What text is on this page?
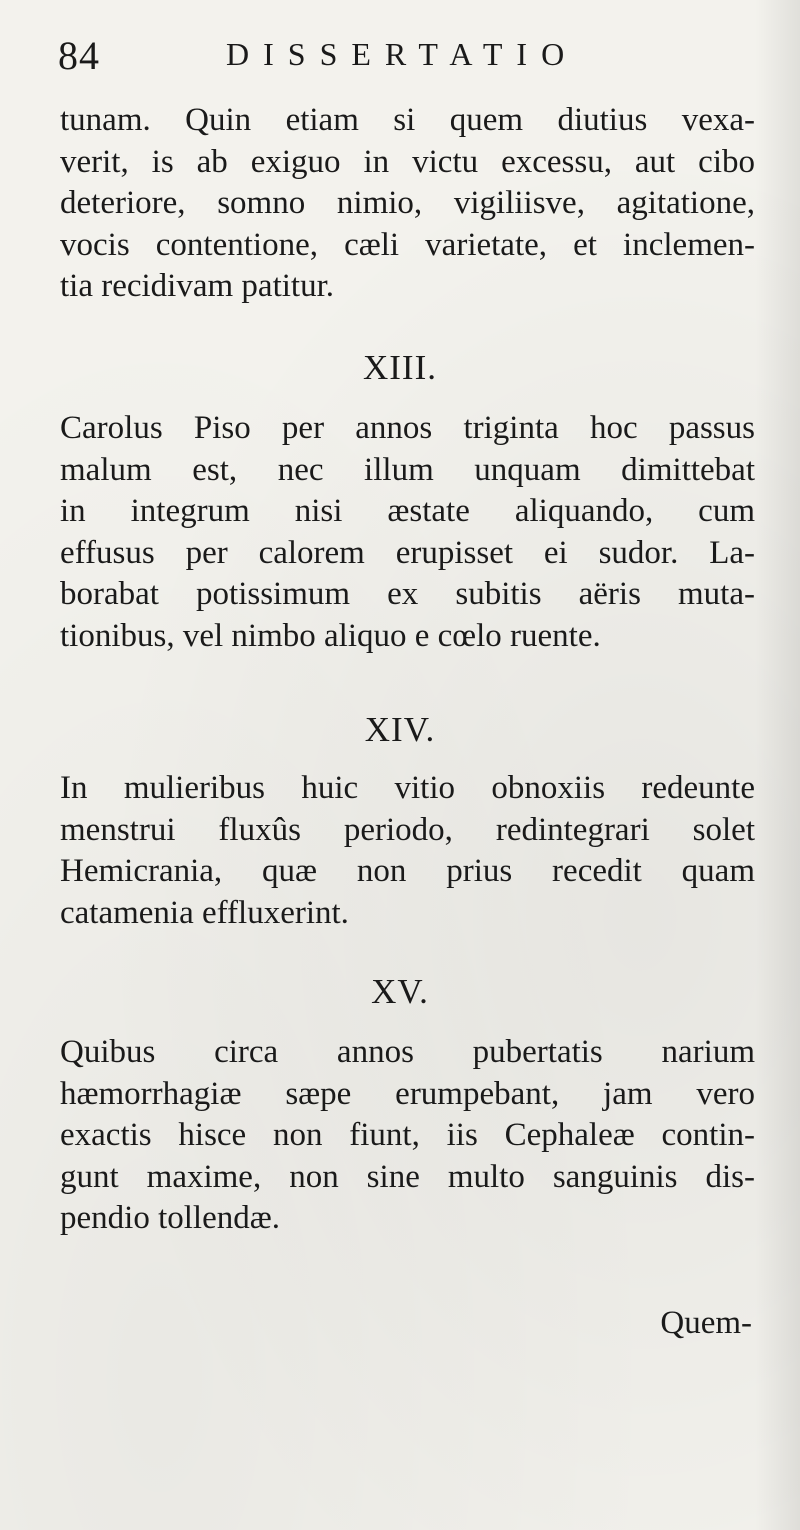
84	DISSERTATIO
tunam. Quin etiam si quem diutius vexa-
verit, is ab exiguo in victu excessu, aut cibo
deteriore, somno nimio, vigiliisve, agitatione,
vocis contentione, cæli varietate, et inclemen-
tia recidivam patitur.
XIII.
Carolus Piso per annos triginta hoc passus
malum est, nec illum unquam dimittebat
in integrum nisi æstate aliquando, cum
effusus per calorem erupisset ei sudor. La-
borabat potissimum ex subitis aëris muta-
tionibus, vel nimbo aliquo e cœlo ruente.
XIV.
In mulieribus huic vitio obnoxiis redeunte
menstrui fluxûs periodo, redintegrari solet
Hemicrania, quæ non prius recedit quam
catamenia effluxerint.
XV.
Quibus circa annos pubertatis narium
hæmorrhagiæ sæpe erumpebant, jam vero
exactis hisce non fiunt, iis Cephaleæ contin-
gunt maxime, non sine multo sanguinis dis-
pendio tollendæ.
Quem-
